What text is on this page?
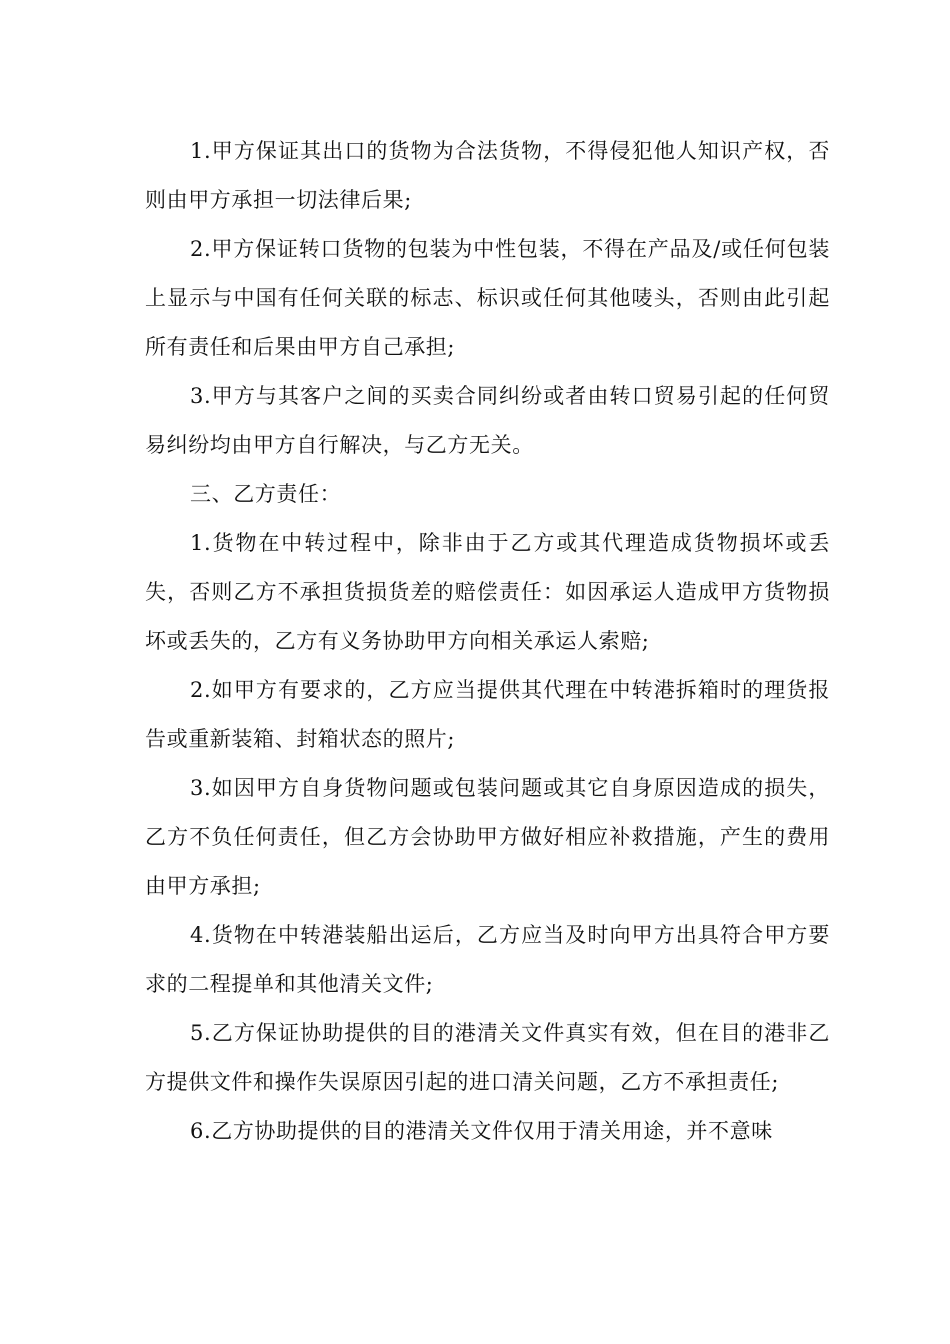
1.甲方保证其出口的货物为合法货物，不得侵犯他人知识产权，否则由甲方承担一切法律后果;

2.甲方保证转口货物的包装为中性包装，不得在产品及/或任何包装上显示与中国有任何关联的标志、标识或任何其他唛头，否则由此引起所有责任和后果由甲方自己承担;

3.甲方与其客户之间的买卖合同纠纷或者由转口贸易引起的任何贸易纠纷均由甲方自行解决，与乙方无关。

三、乙方责任：

1.货物在中转过程中，除非由于乙方或其代理造成货物损坏或丢失，否则乙方不承担货损货差的赔偿责任：如因承运人造成甲方货物损坏或丢失的，乙方有义务协助甲方向相关承运人索赔;

2.如甲方有要求的，乙方应当提供其代理在中转港拆箱时的理货报告或重新装箱、封箱状态的照片;

3.如因甲方自身货物问题或包装问题或其它自身原因造成的损失，乙方不负任何责任，但乙方会协助甲方做好相应补救措施，产生的费用由甲方承担;

4.货物在中转港装船出运后，乙方应当及时向甲方出具符合甲方要求的二程提单和其他清关文件;

5.乙方保证协助提供的目的港清关文件真实有效，但在目的港非乙方提供文件和操作失误原因引起的进口清关问题，乙方不承担责任;

6.乙方协助提供的目的港清关文件仅用于清关用途，并不意味
